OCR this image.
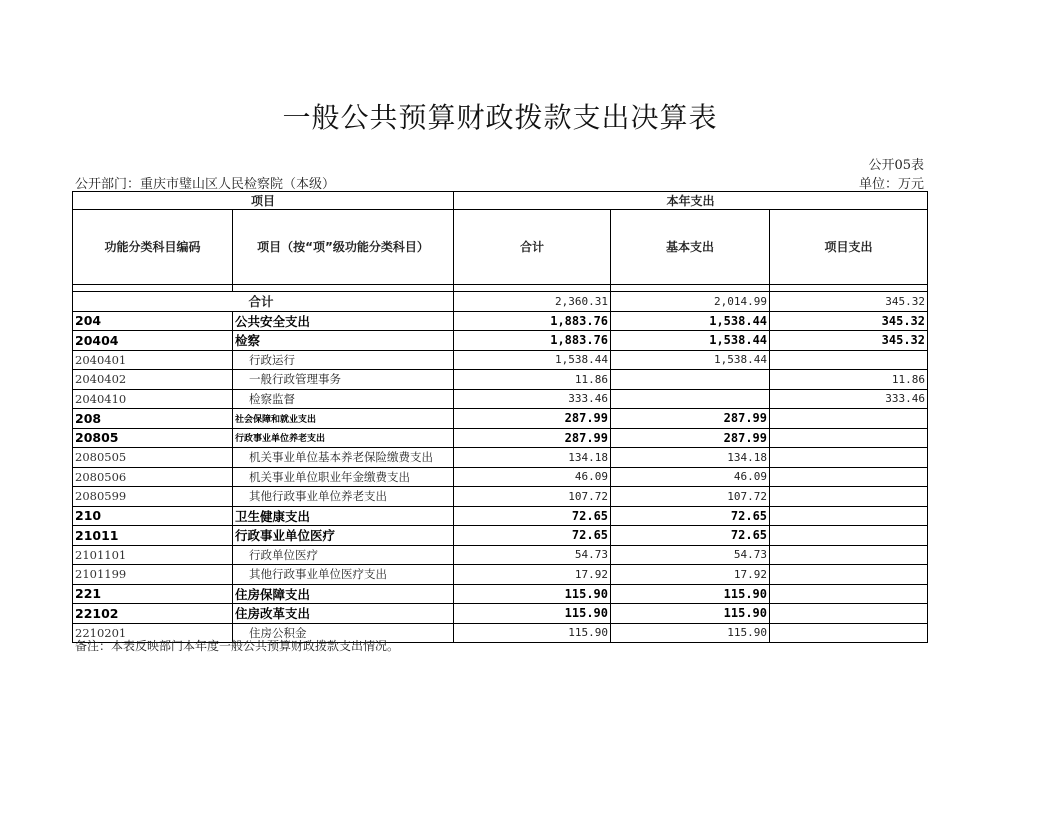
一般公共预算财政拨款支出决算表
公开05表
公开部门：重庆市璧山区人民检察院（本级）	单位：万元
项目		本年支出		
功能分类科目编码	项目（按“项”级功能分类科目）	合计	基本支出	项目支出

	合计	2,360.31	2,014.99	345.32
204	公共安全支出	1,883.76	1,538.44	345.32
20404	检察	1,883.76	1,538.44	345.32
2040401	行政运行	1,538.44	1,538.44	
2040402	一般行政管理事务	11.86		11.86
2040410	检察监督	333.46		333.46
208	社会保障和就业支出	287.99	287.99	
20805	行政事业单位养老支出	287.99	287.99	
2080505	机关事业单位基本养老保险缴费支出	134.18	134.18	
2080506	机关事业单位职业年金缴费支出	46.09	46.09	
2080599	其他行政事业单位养老支出	107.72	107.72	
210	卫生健康支出	72.65	72.65	
21011	行政事业单位医疗	72.65	72.65	
2101101	行政单位医疗	54.73	54.73	
2101199	其他行政事业单位医疗支出	17.92	17.92	
221	住房保障支出	115.90	115.90	
22102	住房改革支出	115.90	115.90	
2210201	住房公积金	115.90	115.90	
备注：本表反映部门本年度一般公共预算财政拨款支出情况。
